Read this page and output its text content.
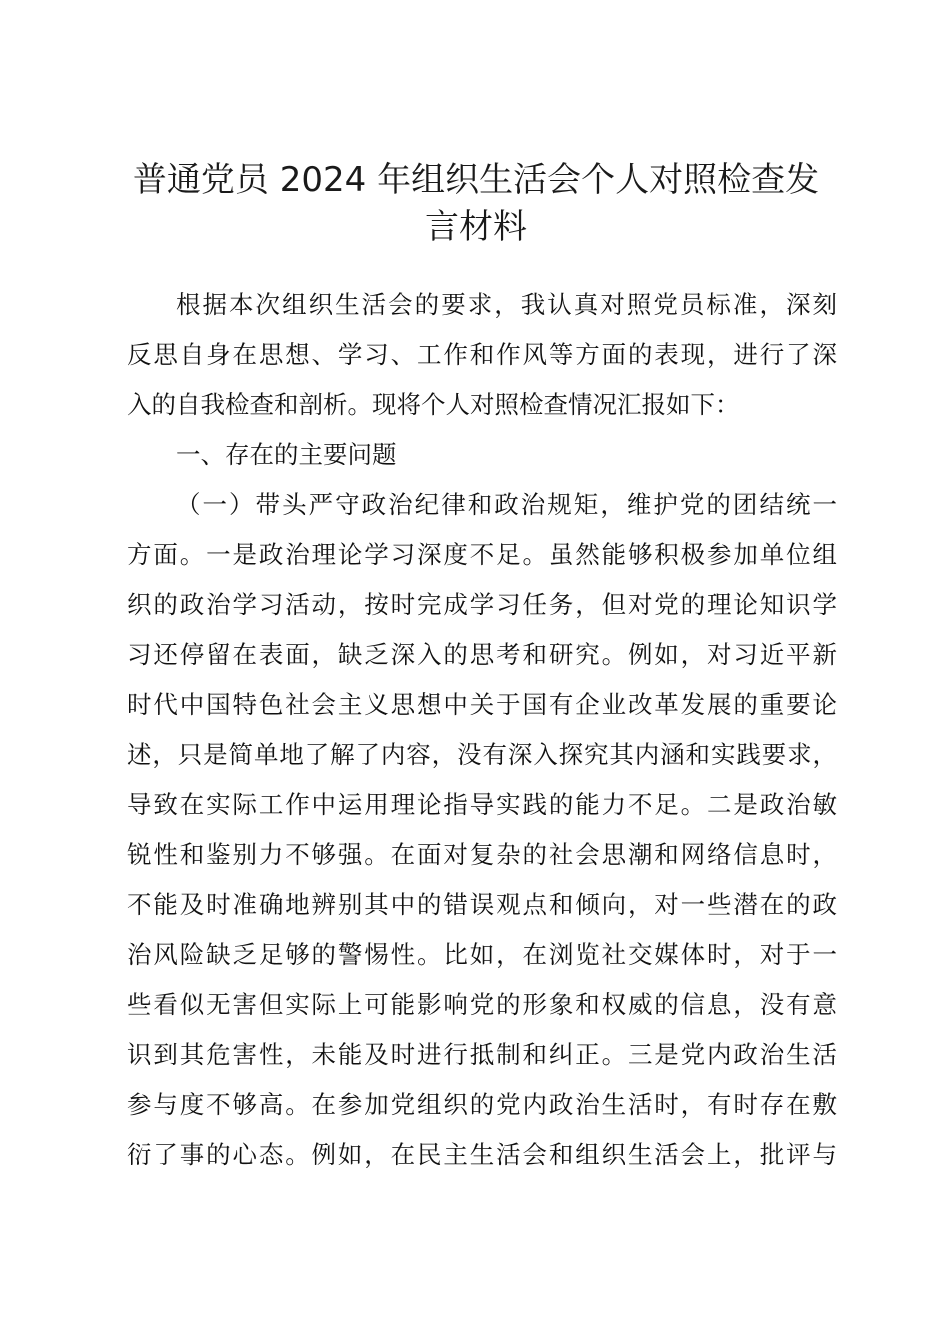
普通党员 2024 年组织生活会个人对照检查发
言材料
根据本次组织生活会的要求，我认真对照党员标准，深刻
反思自身在思想、学习、工作和作风等方面的表现，进行了深
入的自我检查和剖析。现将个人对照检查情况汇报如下：
一、存在的主要问题
（一）带头严守政治纪律和政治规矩，维护党的团结统一
方面。一是政治理论学习深度不足。虽然能够积极参加单位组
织的政治学习活动，按时完成学习任务，但对党的理论知识学
习还停留在表面，缺乏深入的思考和研究。例如，对习近平新
时代中国特色社会主义思想中关于国有企业改革发展的重要论
述，只是简单地了解了内容，没有深入探究其内涵和实践要求，
导致在实际工作中运用理论指导实践的能力不足。二是政治敏
锐性和鉴别力不够强。在面对复杂的社会思潮和网络信息时，
不能及时准确地辨别其中的错误观点和倾向，对一些潜在的政
治风险缺乏足够的警惕性。比如，在浏览社交媒体时，对于一
些看似无害但实际上可能影响党的形象和权威的信息，没有意
识到其危害性，未能及时进行抵制和纠正。三是党内政治生活
参与度不够高。在参加党组织的党内政治生活时，有时存在敷
衍了事的心态。例如，在民主生活会和组织生活会上，批评与
